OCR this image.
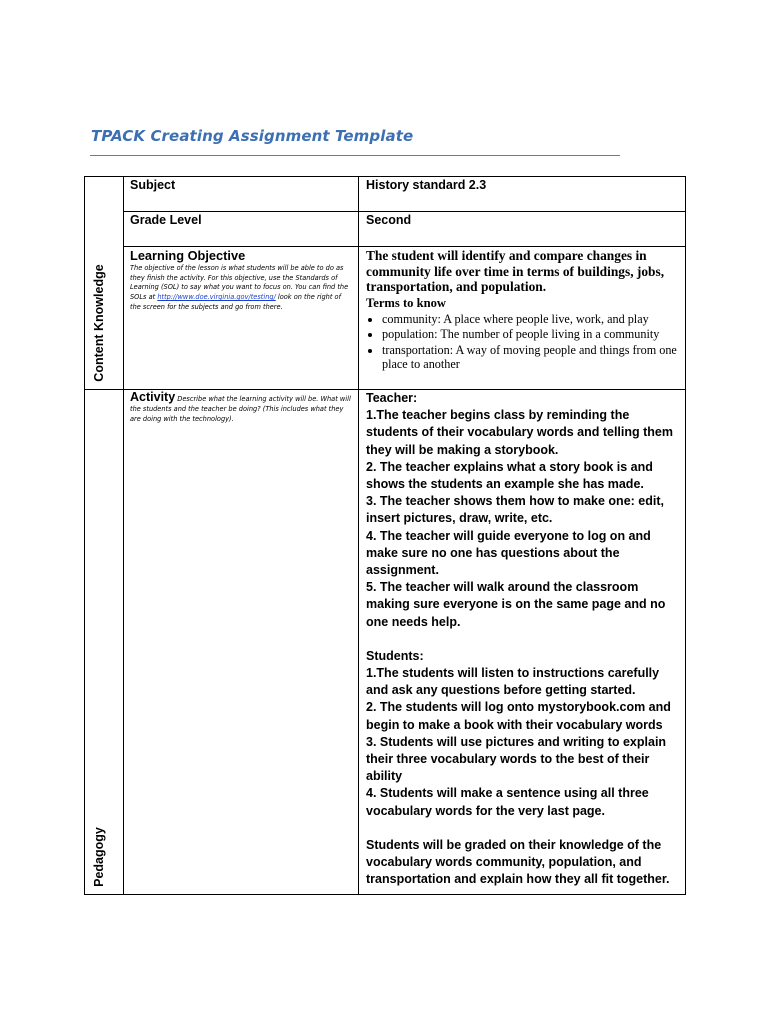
TPACK Creating Assignment Template
Content Knowledge
Pedagogy
Subject	History standard 2.3
Grade Level	Second
Learning Objective
The objective of the lesson is what students will be able to do as they finish the activity. For this objective, use the Standards of Learning (SOL) to say what you want to focus on. You can find the SOLs at http://www.doe.virginia.gov/testing/ look on the right of the screen for the subjects and go from there.
The student will identify and compare changes in community life over time in terms of buildings, jobs, transportation, and population.
Terms to know
• community: A place where people live, work, and play
• population: The number of people living in a community
• transportation: A way of moving people and things from one place to another
Activity Describe what the learning activity will be. What will the students and the teacher be doing? (This includes what they are doing with the technology).

Teacher:

1.The teacher begins class by reminding the students of their vocabulary words and telling them they will be making a storybook.

2. The teacher explains what a story book is and shows the students an example she has made.

3. The teacher shows them how to make one: edit, insert pictures, draw, write, etc.

4. The teacher will guide everyone to log on and make sure no one has questions about the assignment.

5. The teacher will walk around the classroom making sure everyone is on the same page and no one needs help.

Students:

1.The students will listen to instructions carefully and ask any questions before getting started.

2. The students will log onto mystorybook.com and begin to make a book with their vocabulary words

3. Students will use pictures and writing to explain their three vocabulary words to the best of their ability

4. Students will make a sentence using all three vocabulary words for the very last page.

Students will be graded on their knowledge of the vocabulary words community, population, and transportation and explain how they all fit together.
